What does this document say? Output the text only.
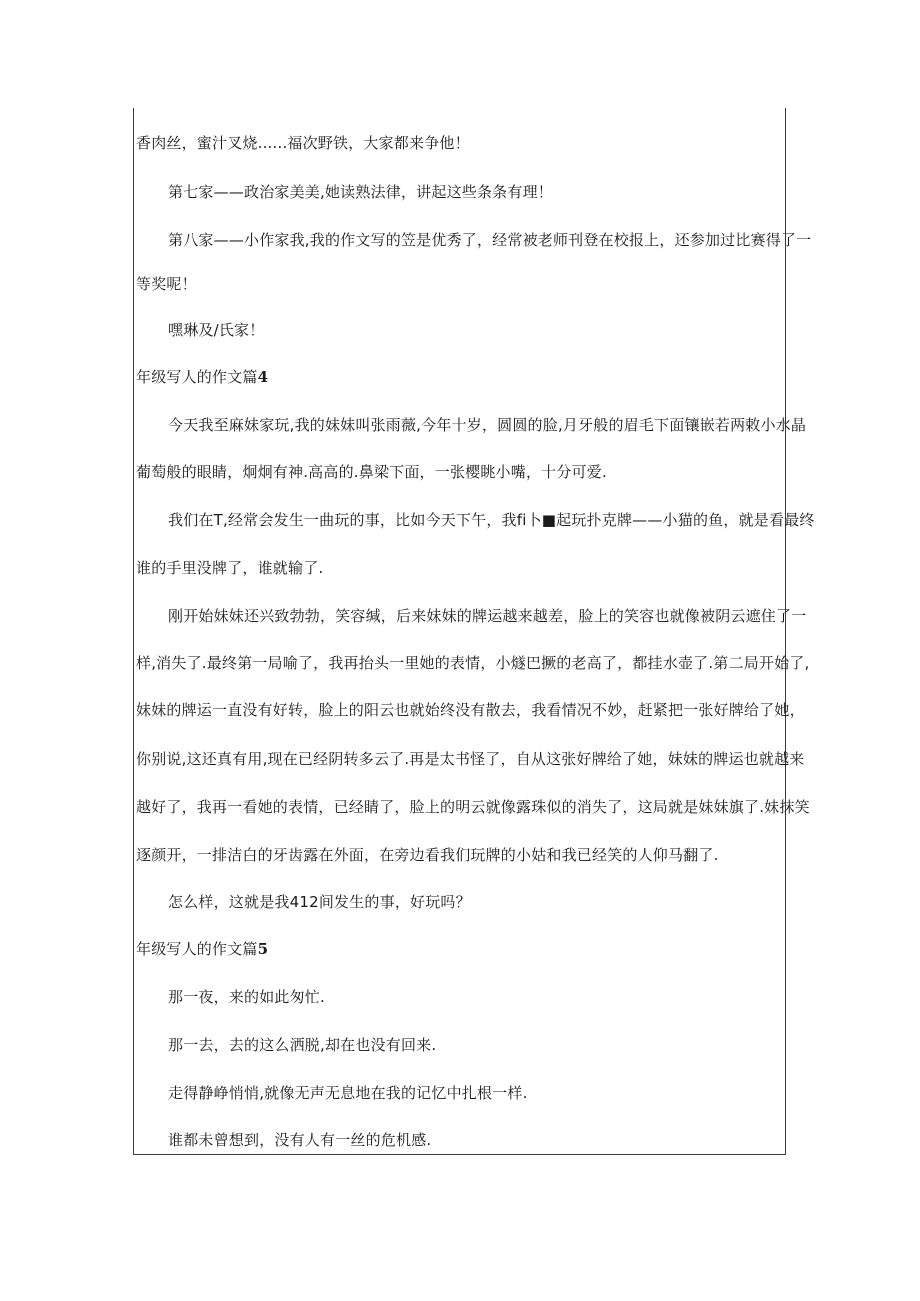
香肉丝，蜜汁叉烧......福次野铁，大家都来争他！
第七家——政治家美美,她读熟法律，讲起这些条条有理！
第八家——小作家我,我的作文写的笠是优秀了，经常被老师刊登在校报上，还参加过比赛得了一
等奖呢！
嘿琳及/氏家！
年级写人的作文篇4
今天我至麻妹家玩,我的妹妹叫张雨薇,今年十岁，圆圆的脸,月牙般的眉毛下面镶嵌若两敕小水晶
葡萄般的眼睛，炯炯有神.高高的.鼻梁下面，一张樱眺小嘴，十分可爱.
我们在T,经常会发生一曲玩的事，比如今天下午，我fi卜■起玩扑克牌——小猫的鱼，就是看最终
谁的手里没牌了，谁就输了.
刚开始妹妹还兴致勃勃，笑容缄，后来妹妹的牌运越来越差，脸上的笑容也就像被阴云遮住了一
样,消失了.最终第一局喻了，我再抬头一里她的表情，小燧巴撅的老高了，都挂水壶了.第二局开始了,
妹妹的牌运一直没有好转，脸上的阳云也就始终没有散去，我看情况不妙，赶紧把一张好牌给了她，
你别说,这还真有用,现在已经阴转多云了.再是太书怪了，自从这张好牌给了她，妹妹的牌运也就越来
越好了，我再一看她的表情，已经睛了，脸上的明云就像露珠似的消失了，这局就是妹妹旗了.妹抹笑
逐颜开，一排洁白的牙齿露在外面，在旁边看我们玩牌的小姑和我已经笑的人仰马翻了.
怎么样，这就是我412间发生的事，好玩吗？
年级写人的作文篇5
那一夜，来的如此匆忙.
那一去，去的这么洒脱,却在也没有回来.
走得静峥悄悄,就像无声无息地在我的记忆中扎根一样.
谁都未曾想到，没有人有一丝的危机感.
